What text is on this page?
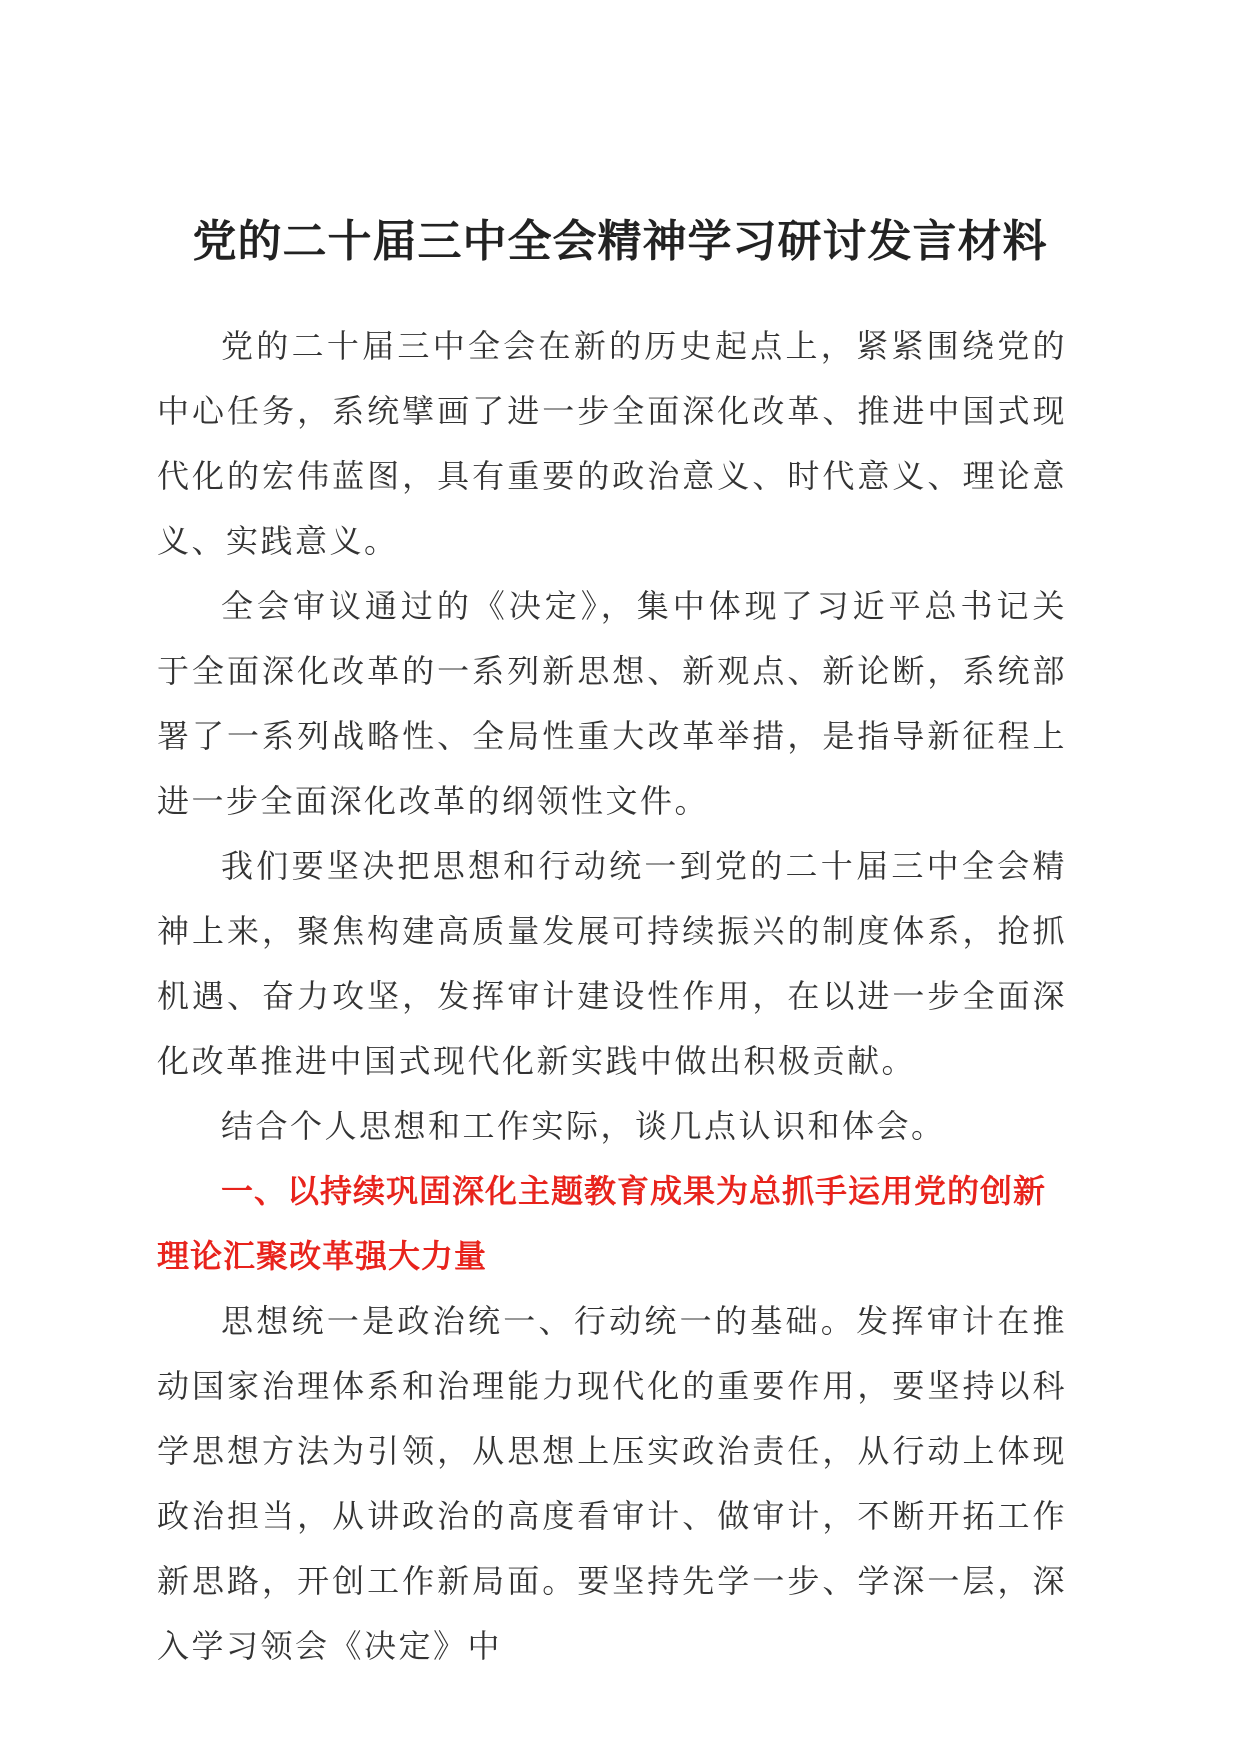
党的二十届三中全会精神学习研讨发言材料

党的二十届三中全会在新的历史起点上，紧紧围绕党的中心任务，系统擘画了进一步全面深化改革、推进中国式现代化的宏伟蓝图，具有重要的政治意义、时代意义、理论意义、实践意义。

全会审议通过的《决定》，集中体现了习近平总书记关于全面深化改革的一系列新思想、新观点、新论断，系统部署了一系列战略性、全局性重大改革举措，是指导新征程上进一步全面深化改革的纲领性文件。

我们要坚决把思想和行动统一到党的二十届三中全会精神上来，聚焦构建高质量发展可持续振兴的制度体系，抢抓机遇、奋力攻坚，发挥审计建设性作用，在以进一步全面深化改革推进中国式现代化新实践中做出积极贡献。

结合个人思想和工作实际，谈几点认识和体会。

一、以持续巩固深化主题教育成果为总抓手运用党的创新理论汇聚改革强大力量

思想统一是政治统一、行动统一的基础。发挥审计在推动国家治理体系和治理能力现代化的重要作用，要坚持以科学思想方法为引领，从思想上压实政治责任，从行动上体现政治担当，从讲政治的高度看审计、做审计，不断开拓工作新思路，开创工作新局面。要坚持先学一步、学深一层，深入学习领会《决定》中
